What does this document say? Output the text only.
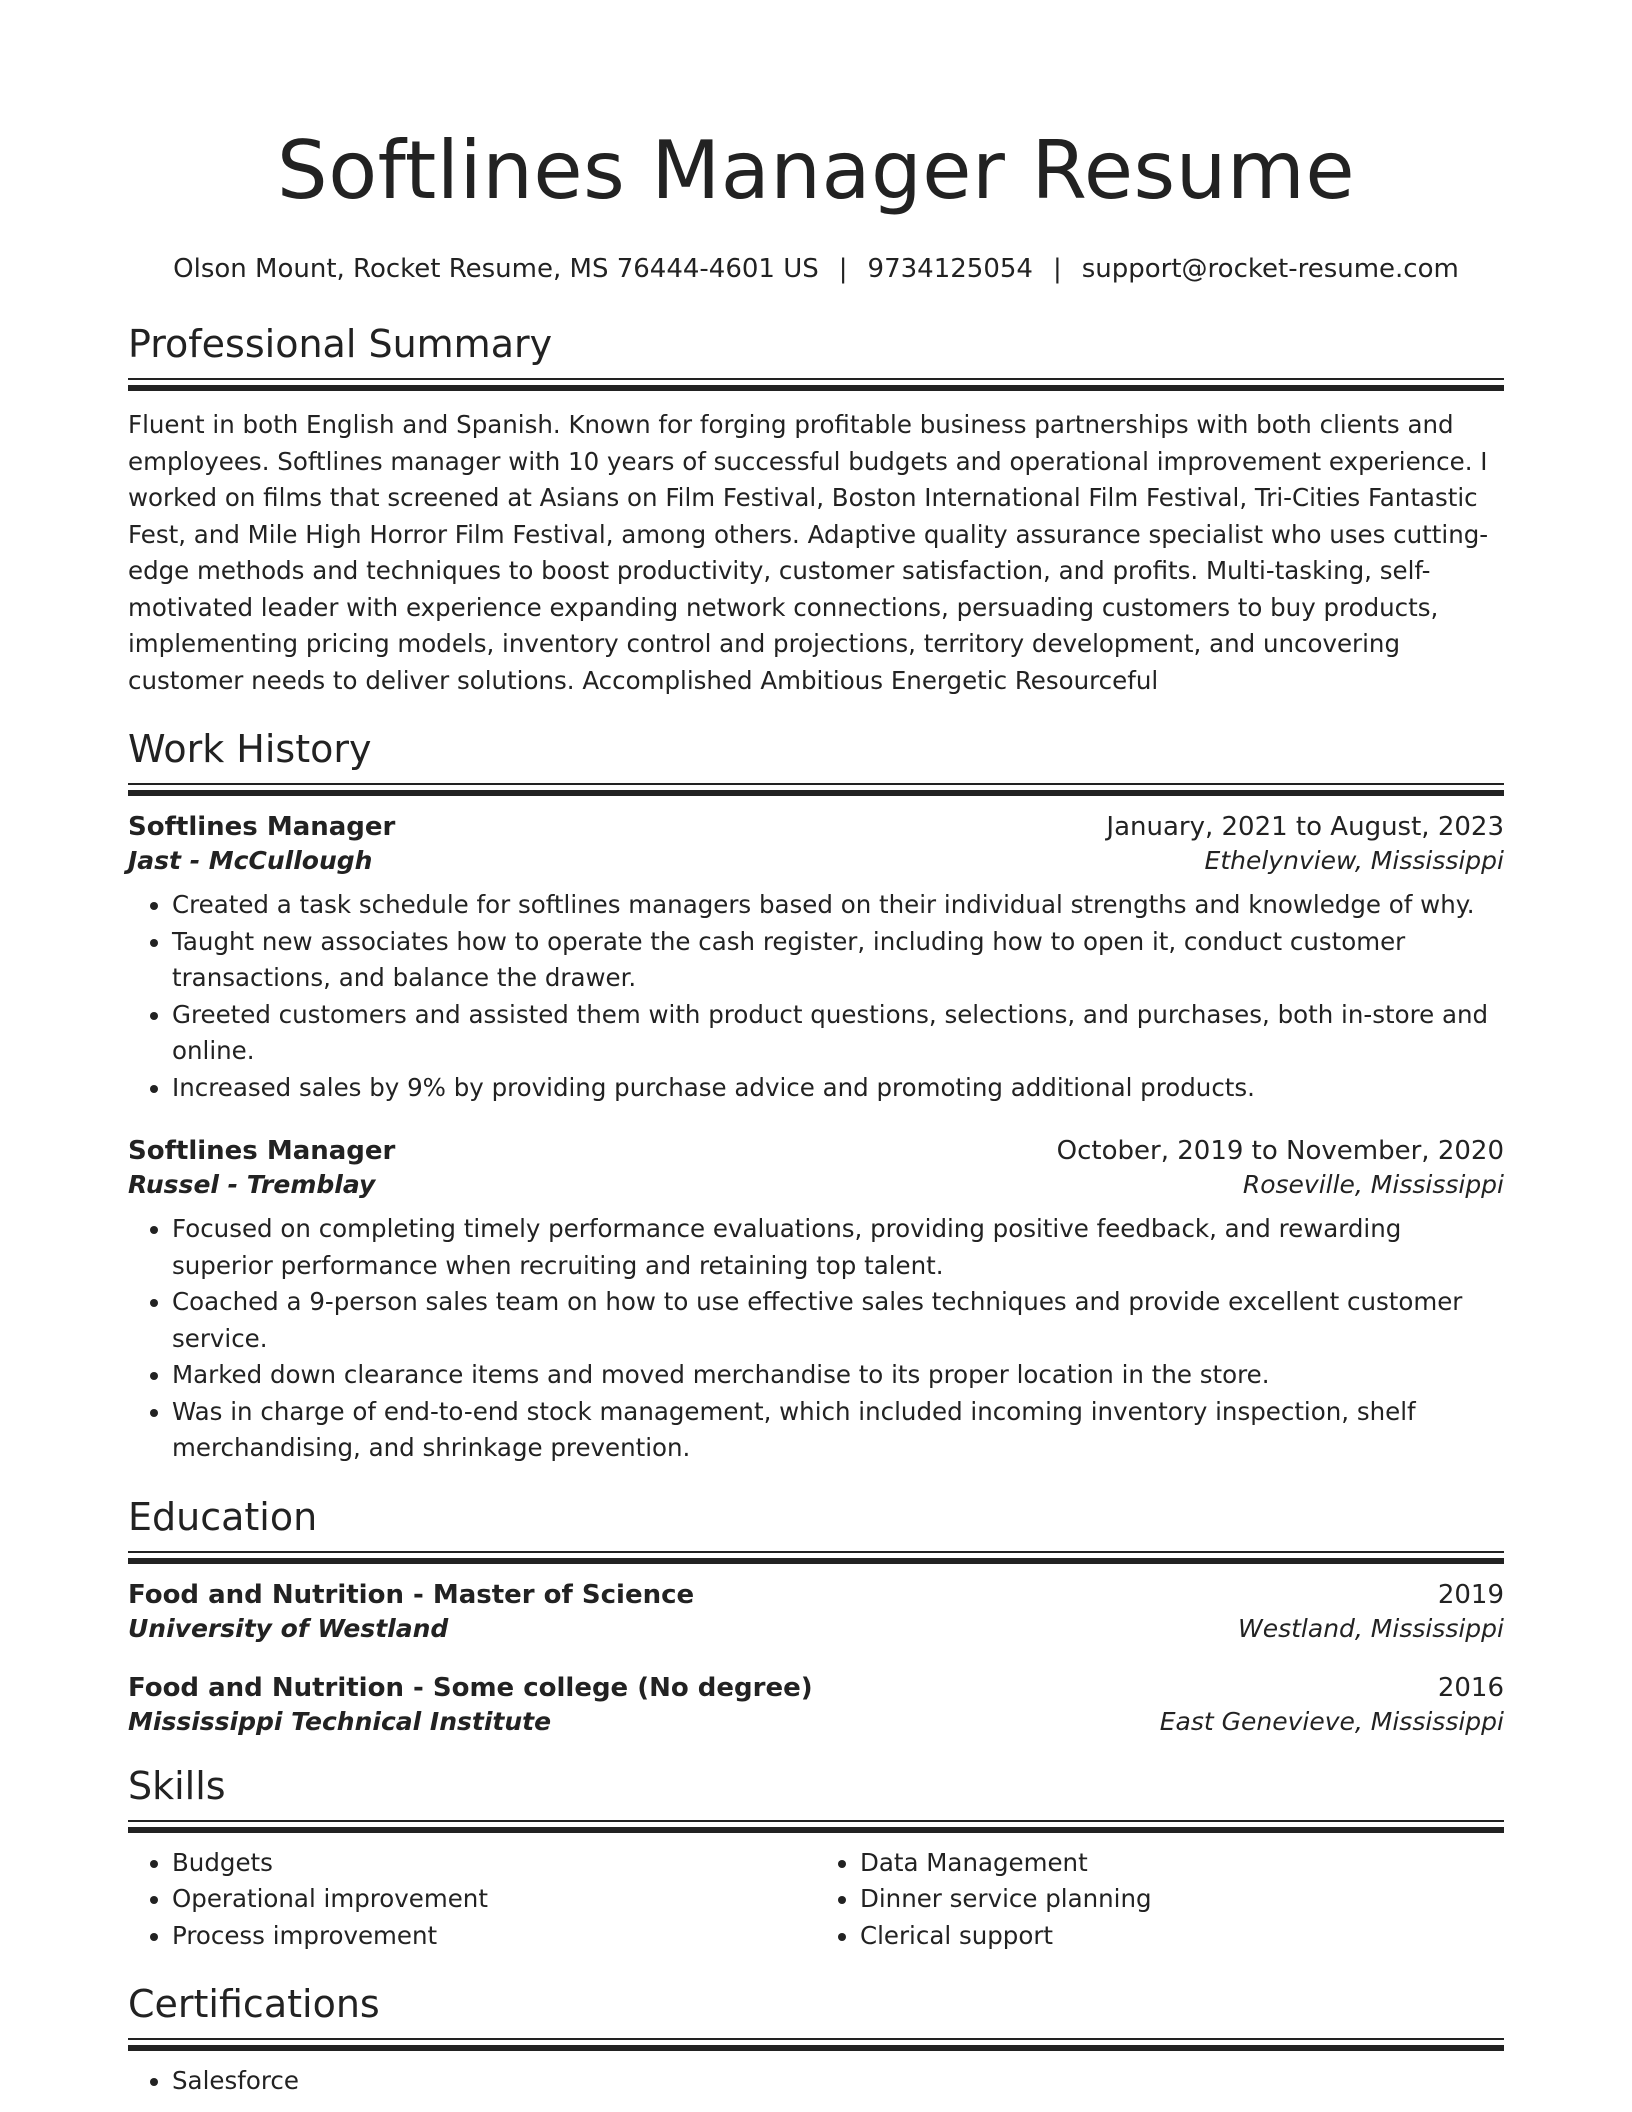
Softlines Manager Resume
Olson Mount, Rocket Resume, MS 76444-4601 US | 9734125054 | support@rocket-resume.com
Professional Summary
Fluent in both English and Spanish. Known for forging profitable business partnerships with both clients and employees. Softlines manager with 10 years of successful budgets and operational improvement experience. I worked on films that screened at Asians on Film Festival, Boston International Film Festival, Tri-Cities Fantastic Fest, and Mile High Horror Film Festival, among others. Adaptive quality assurance specialist who uses cutting-edge methods and techniques to boost productivity, customer satisfaction, and profits. Multi-tasking, self-motivated leader with experience expanding network connections, persuading customers to buy products, implementing pricing models, inventory control and projections, territory development, and uncovering customer needs to deliver solutions. Accomplished Ambitious Energetic Resourceful
Work History
Softlines Manager	January, 2021 to August, 2023
Jast - McCullough	Ethelynview, Mississippi
• Created a task schedule for softlines managers based on their individual strengths and knowledge of why.
• Taught new associates how to operate the cash register, including how to open it, conduct customer transactions, and balance the drawer.
• Greeted customers and assisted them with product questions, selections, and purchases, both in-store and online.
• Increased sales by 9% by providing purchase advice and promoting additional products.
Softlines Manager	October, 2019 to November, 2020
Russel - Tremblay	Roseville, Mississippi
• Focused on completing timely performance evaluations, providing positive feedback, and rewarding superior performance when recruiting and retaining top talent.
• Coached a 9-person sales team on how to use effective sales techniques and provide excellent customer service.
• Marked down clearance items and moved merchandise to its proper location in the store.
• Was in charge of end-to-end stock management, which included incoming inventory inspection, shelf merchandising, and shrinkage prevention.
Education
Food and Nutrition - Master of Science	2019
University of Westland	Westland, Mississippi
Food and Nutrition - Some college (No degree)	2016
Mississippi Technical Institute	East Genevieve, Mississippi
Skills
• Budgets
• Operational improvement
• Process improvement
• Data Management
• Dinner service planning
• Clerical support
Certifications
• Salesforce
